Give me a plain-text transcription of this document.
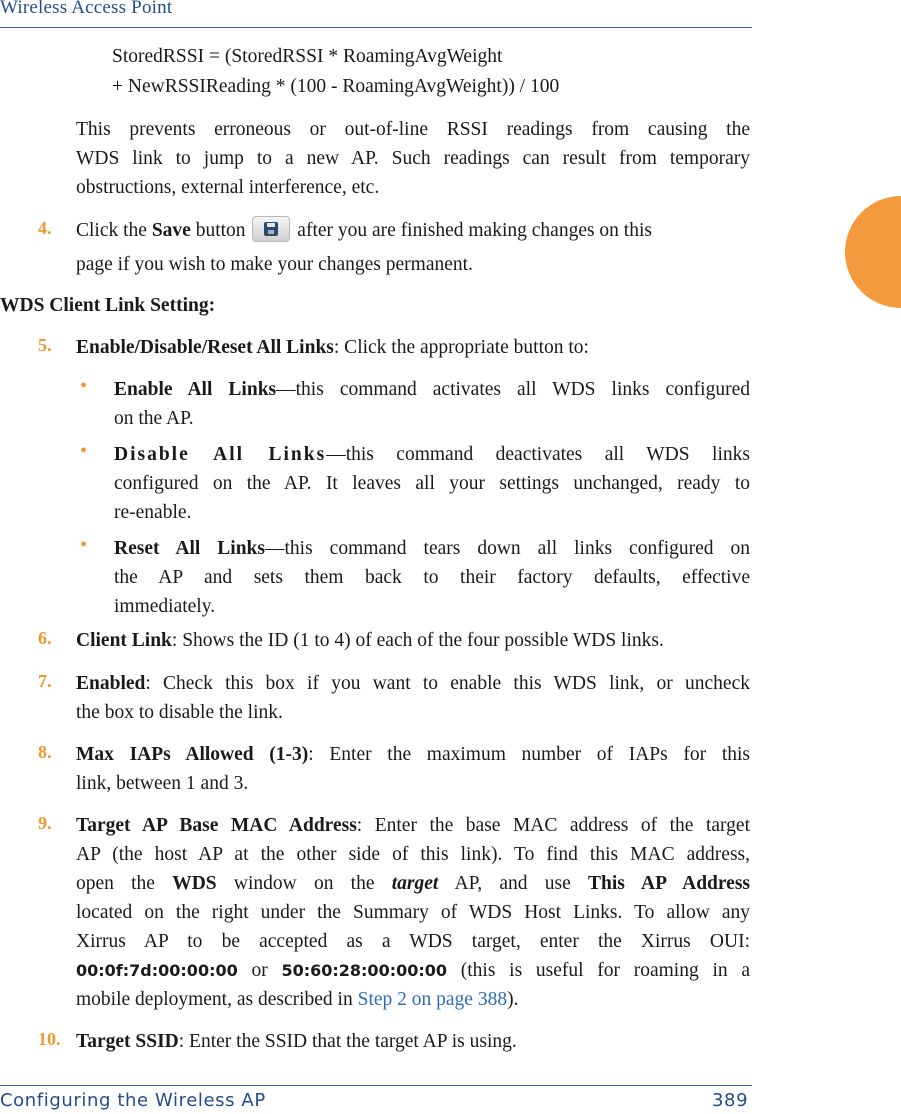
Wireless Access Point
StoredRSSI = (StoredRSSI * RoamingAvgWeight
+ NewRSSIReading * (100 - RoamingAvgWeight)) / 100
This prevents erroneous or out-of-line RSSI readings from causing the
WDS link to jump to a new AP. Such readings can result from temporary
obstructions, external interference, etc.
4. Click the Save button
after you are finished making changes on this
page if you wish to make your changes permanent.
WDS Client Link Setting:
5. Enable/Disable/Reset All Links: Click the appropriate button to:
• Enable All Links—this command activates all WDS links configured
on the AP.
• Disable All Links—this command deactivates all WDS links
configured on the AP. It leaves all your settings unchanged, ready to
re-enable.
• Reset All Links—this command tears down all links configured on
the AP and sets them back to their factory defaults, effective
immediately.
6. Client Link: Shows the ID (1 to 4) of each of the four possible WDS links.
7. Enabled: Check this box if you want to enable this WDS link, or uncheck
the box to disable the link.
8. Max IAPs Allowed (1-3): Enter the maximum number of IAPs for this
link, between 1 and 3.
9. Target AP Base MAC Address: Enter the base MAC address of the target
AP (the host AP at the other side of this link). To find this MAC address,
open the WDS window on the target AP, and use This AP Address
located on the right under the Summary of WDS Host Links. To allow any
Xirrus AP to be accepted as a WDS target, enter the Xirrus OUI:
00:0f:7d:00:00:00 or 50:60:28:00:00:00 (this is useful for roaming in a
mobile deployment, as described in Step 2 on page 388).
10. Target SSID: Enter the SSID that the target AP is using.
Configuring the Wireless AP	389
